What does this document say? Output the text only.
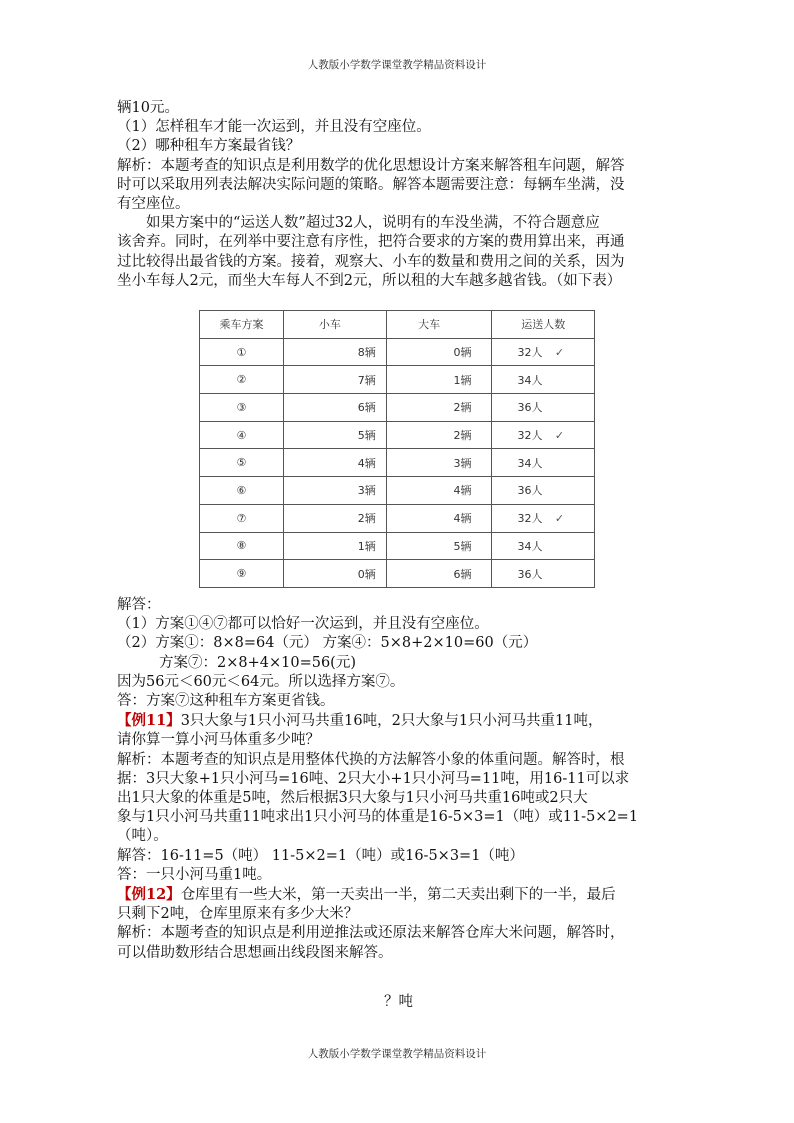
人教版小学数学课堂教学精品资料设计

辆10元。

（1）怎样租车才能一次运到，并且没有空座位。

（2）哪种租车方案最省钱？

解析：本题考查的知识点是利用数学的优化思想设计方案来解答租车问题，解答

时可以采取用列表法解决实际问题的策略。解答本题需要注意：每辆车坐满，没

有空座位。

如果方案中的“运送人数”超过32人，说明有的车没坐满，不符合题意应

该舍弃。同时，在列举中要注意有序性，把符合要求的方案的费用算出来，再通

过比较得出最省钱的方案。接着，观察大、小车的数量和费用之间的关系，因为

坐小车每人2元，而坐大车每人不到2元，所以租的大车越多越省钱。（如下表）

乘车方案	小车	大车	运送人数
①	8辆	0辆	32人 ✓
②	7辆	1辆	34人
③	6辆	2辆	36人
④	5辆	2辆	32人 ✓
⑤	4辆	3辆	34人
⑥	3辆	4辆	36人
⑦	2辆	4辆	32人 ✓
⑧	1辆	5辆	34人
⑨	0辆	6辆	36人

解答：

（1）方案①④⑦都可以恰好一次运到，并且没有空座位。

（2）方案①：8×8=64（元） 方案④：5×8+2×10=60（元）

方案⑦：2×8+4×10=56(元)

因为56元＜60元＜64元。所以选择方案⑦。

答：方案⑦这种租车方案更省钱。

【例11】3只大象与1只小河马共重16吨，2只大象与1只小河马共重11吨，

请你算一算小河马体重多少吨？

解析：本题考查的知识点是用整体代换的方法解答小象的体重问题。解答时，根

据：3只大象+1只小河马=16吨、2只大小+1只小河马=11吨，用16-11可以求

出1只大象的体重是5吨，然后根据3只大象与1只小河马共重16吨或2只大

象与1只小河马共重11吨求出1只小河马的体重是16-5×3=1（吨）或11-5×2=1

（吨）。

解答：16-11=5（吨） 11-5×2=1（吨）或16-5×3=1（吨）

答：一只小河马重1吨。

【例12】仓库里有一些大米，第一天卖出一半，第二天卖出剩下的一半，最后

只剩下2吨，仓库里原来有多少大米？

解析：本题考查的知识点是利用逆推法或还原法来解答仓库大米问题，解答时，

可以借助数形结合思想画出线段图来解答。

？吨
人教版小学数学课堂教学精品资料设计
